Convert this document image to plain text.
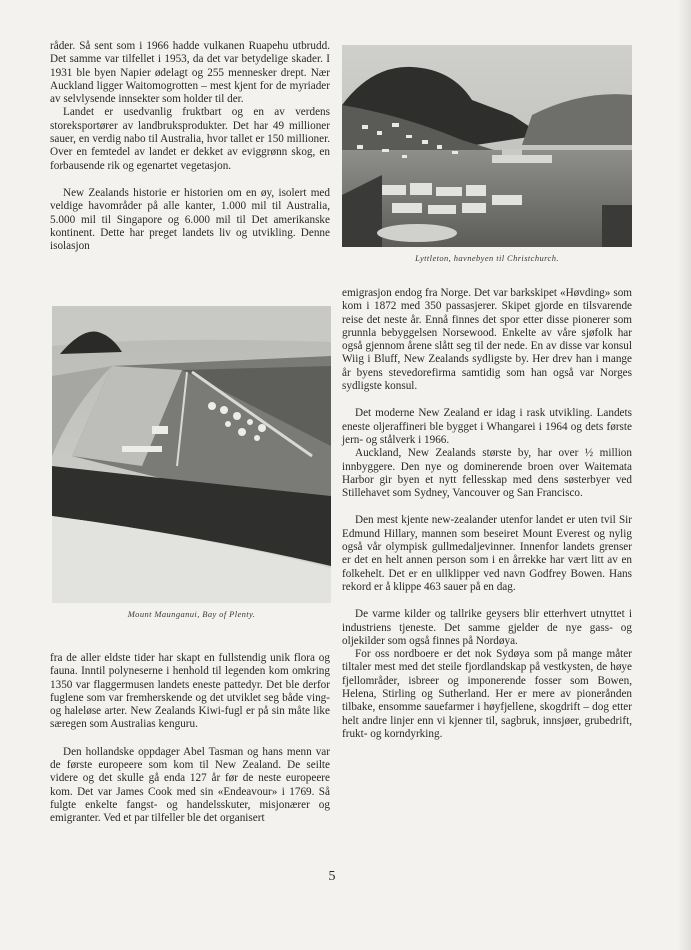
råder. Så sent som i 1966 hadde vulkanen Ruapehu utbrudd. Det samme var tilfellet i 1953, da det var betydelige skader. I 1931 ble byen Napier ødelagt og 255 mennesker drept. Nær Auckland ligger Waitomogrotten – mest kjent for de myriader av selvlysende innsekter som holder til der.

Landet er usedvanlig fruktbart og en av verdens storeksportører av landbruksprodukter. Det har 49 millioner sauer, en verdig nabo til Australia, hvor tallet er 150 millioner. Over en femtedel av landet er dekket av eviggrønn skog, en forbausende rik og egenartet vegetasjon.

New Zealands historie er historien om en øy, isolert med veldige havområder på alle kanter, 1.000 mil til Australia, 5.000 mil til Singapore og 6.000 mil til Det amerikanske kontinent. Dette har preget landets liv og utvikling. Denne isolasjon

Lyttleton, havnebyen til Christchurch.

emigrasjon endog fra Norge. Det var barkskipet «Høvding» som kom i 1872 med 350 passasjerer. Skipet gjorde en tilsvarende reise det neste år. Ennå finnes det spor etter disse pionerer som grunnla bebyggelsen Norsewood. Enkelte av våre sjøfolk har også gjennom årene slått seg til der nede. En av disse var konsul Wiig i Bluff, New Zealands sydligste by. Her drev han i mange år byens stevedorefirma samtidig som han også var Norges sydligste konsul.

Det moderne New Zealand er idag i rask utvikling. Landets eneste oljeraffineri ble bygget i Whangarei i 1964 og dets første jern- og stålverk i 1966.

Auckland, New Zealands største by, har over ½ million innbyggere. Den nye og dominerende broen over Waitemata Harbor gir byen et nytt fellesskap med dens søsterbyer ved Stillehavet som Sydney, Vancouver og San Francisco.

Den mest kjente new-zealander utenfor landet er uten tvil Sir Edmund Hillary, mannen som beseiret Mount Everest og nylig også vår olympisk gullmedaljevinner. Innenfor landets grenser er det en helt annen person som i en årrekke har vært litt av en folkehelt. Det er en ullklipper ved navn Godfrey Bowen. Hans rekord er å klippe 463 sauer på en dag.

De varme kilder og tallrike geysers blir etterhvert utnyttet i industriens tjeneste. Det samme gjelder de nye gass- og oljekilder som også finnes på Nordøya.

For oss nordboere er det nok Sydøya som på mange måter tiltaler mest med det steile fjordlandskap på vestkysten, de høye fjellområder, isbreer og imponerende fosser som Bowen, Helena, Stirling og Sutherland. Her er mere av pionerånden tilbake, ensomme sauefarmer i høyfjellene, skogdrift – dog etter helt andre linjer enn vi kjenner til, sagbruk, innsjøer, grubedrift, frukt- og korndyrking.

Mount Maunganui, Bay of Plenty.

fra de aller eldste tider har skapt en fullstendig unik flora og fauna. Inntil polyneserne i henhold til legenden kom omkring 1350 var flaggermusen landets eneste pattedyr. Det ble derfor fuglene som var fremherskende og det utviklet seg både ving- og haleløse arter. New Zealands Kiwi-fugl er på sin måte like særegen som Australias kenguru.

Den hollandske oppdager Abel Tasman og hans menn var de første europeere som kom til New Zealand. De seilte videre og det skulle gå enda 127 år før de neste europeere kom. Det var James Cook med sin «Endeavour» i 1769. Så fulgte enkelte fangst- og handelsskuter, misjonærer og emigranter. Ved et par tilfeller ble det organisert

5
